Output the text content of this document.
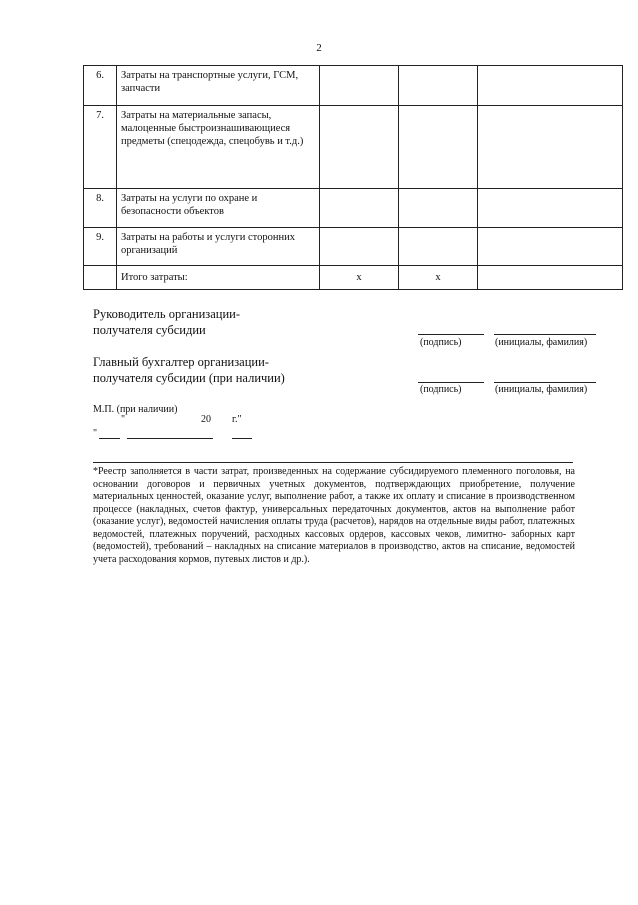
2
6.	Затраты на транспортные услуги, ГСМ, запчасти			
7.	Затраты на материальные запасы, малоценные быстроизнашивающиеся предметы (спецодежда, спецобувь и т.д.)			
8.	Затраты на услуги по охране и безопасности объектов			
9.	Затраты на работы и услуги сторонних организаций			
	Итого затраты:	x	x	
Руководитель организации-
получателя субсидии
(подпись)	(инициалы, фамилия)
Главный бухгалтер организации-
получателя субсидии (при наличии)
(подпись)	(инициалы, фамилия)
М.П. (при наличии)
"	20 г."
"
*Реестр заполняется в части затрат, произведенных на содержание субсидируемого племенного поголовья, на основании договоров и первичных учетных документов, подтверждающих приобретение, получение материальных ценностей, оказание услуг, выполнение работ, а также их оплату и списание в производственном процессе (накладных, счетов фактур, универсальных передаточных документов, актов на выполнение работ (оказание услуг), ведомостей начисления оплаты труда (расчетов), нарядов на отдельные виды работ, платежных ведомостей, платежных поручений, расходных кассовых ордеров, кассовых чеков, лимитно- заборных карт (ведомостей), требований – накладных на списание материалов в производство, актов на списание, ведомостей учета расходования кормов, путевых листов и др.).
